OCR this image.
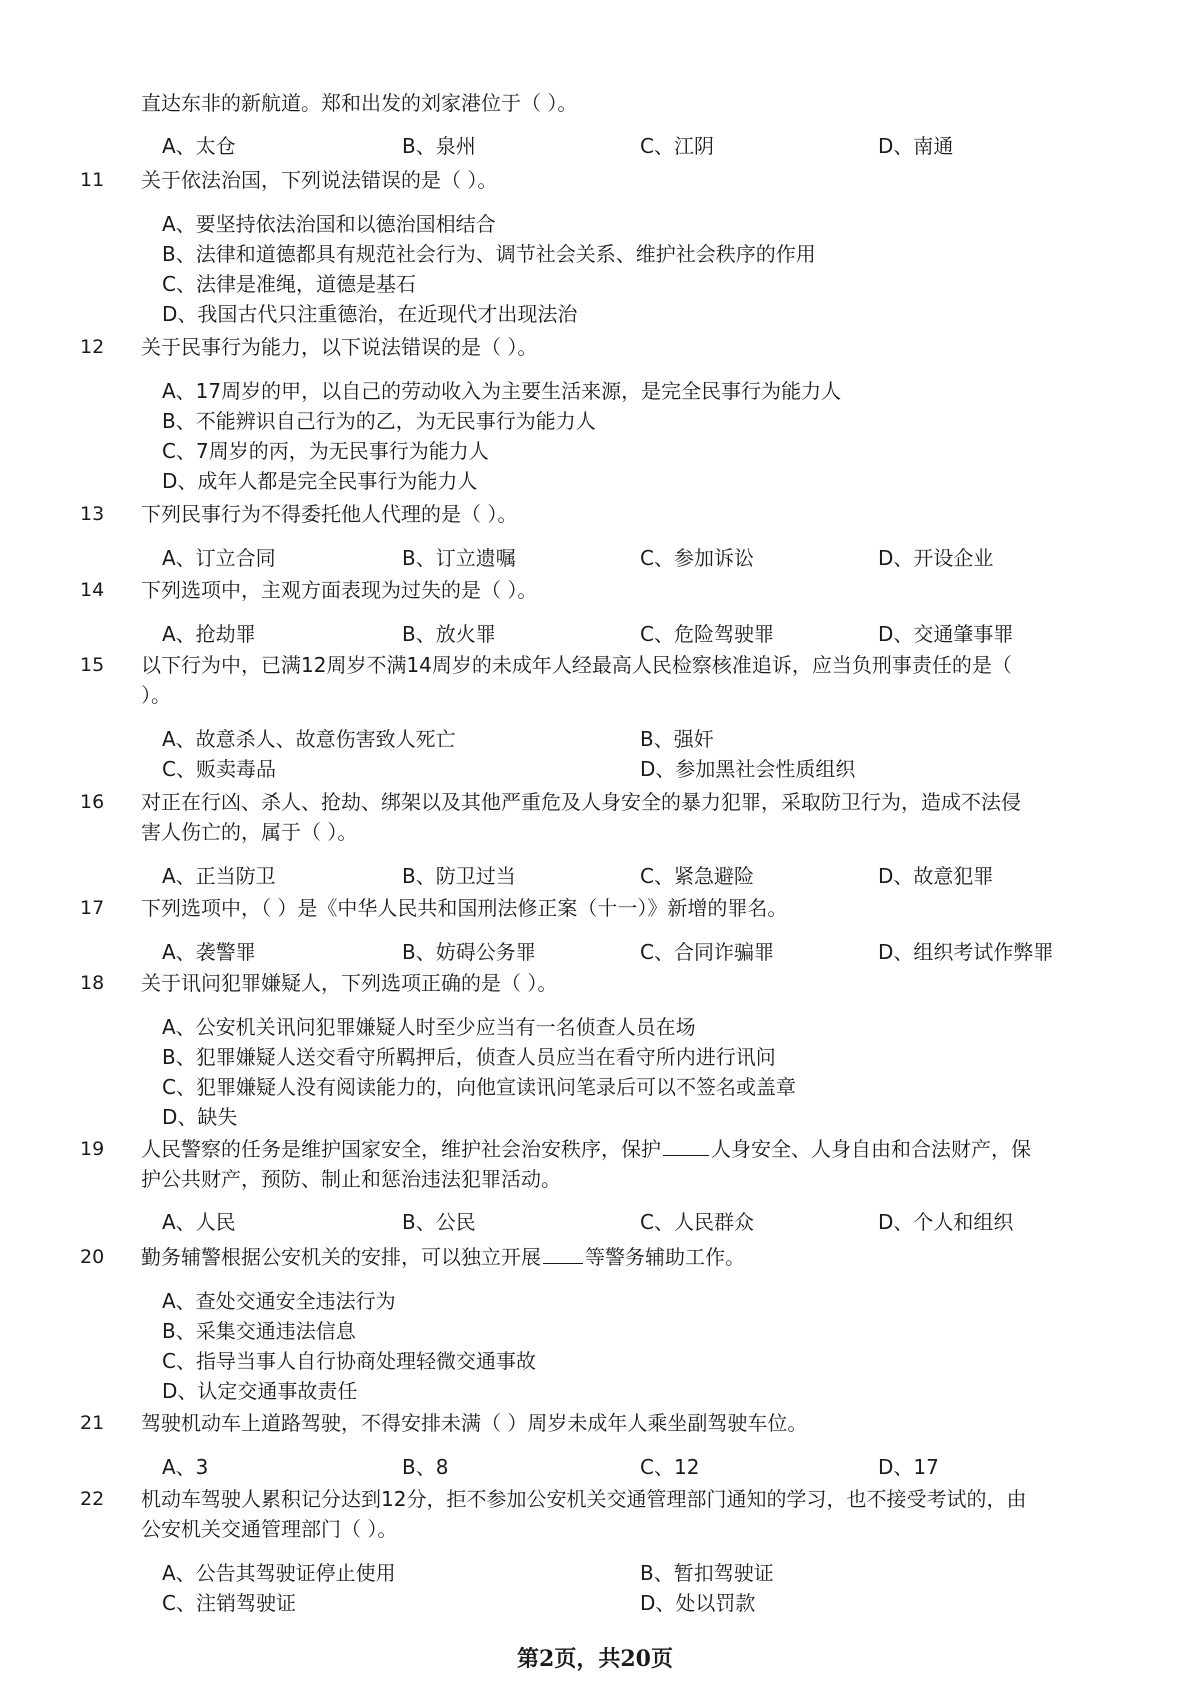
直达东非的新航道。郑和出发的刘家港位于（ ）。
A、太仓	B、泉州	C、江阴	D、南通
11	关于依法治国，下列说法错误的是（ ）。
A、要坚持依法治国和以德治国相结合
B、法律和道德都具有规范社会行为、调节社会关系、维护社会秩序的作用
C、法律是准绳，道德是基石
D、我国古代只注重德治，在近现代才出现法治
12	关于民事行为能力，以下说法错误的是（ ）。
A、17周岁的甲，以自己的劳动收入为主要生活来源，是完全民事行为能力人
B、不能辨识自己行为的乙，为无民事行为能力人
C、7周岁的丙，为无民事行为能力人
D、成年人都是完全民事行为能力人
13	下列民事行为不得委托他人代理的是（ ）。
A、订立合同	B、订立遗嘱	C、参加诉讼	D、开设企业
14	下列选项中，主观方面表现为过失的是（ ）。
A、抢劫罪	B、放火罪	C、危险驾驶罪	D、交通肇事罪
15	以下行为中，已满12周岁不满14周岁的未成年人经最高人民检察核准追诉，应当负刑事责任的是（
）。
A、故意杀人、故意伤害致人死亡	B、强奸
C、贩卖毒品	D、参加黑社会性质组织
16	对正在行凶、杀人、抢劫、绑架以及其他严重危及人身安全的暴力犯罪，采取防卫行为，造成不法侵
害人伤亡的，属于（ ）。
A、正当防卫	B、防卫过当	C、紧急避险	D、故意犯罪
17	下列选项中，（ ）是《中华人民共和国刑法修正案（十一）》新增的罪名。
A、袭警罪	B、妨碍公务罪	C、合同诈骗罪	D、组织考试作弊罪
18	关于讯问犯罪嫌疑人，下列选项正确的是（ ）。
A、公安机关讯问犯罪嫌疑人时至少应当有一名侦查人员在场
B、犯罪嫌疑人送交看守所羁押后，侦查人员应当在看守所内进行讯问
C、犯罪嫌疑人没有阅读能力的，向他宣读讯问笔录后可以不签名或盖章
D、缺失
19	人民警察的任务是维护国家安全，维护社会治安秩序，保护	人身安全、人身自由和合法财产，保
护公共财产，预防、制止和惩治违法犯罪活动。
A、人民	B、公民	C、人民群众	D、个人和组织
20	勤务辅警根据公安机关的安排，可以独立开展 等警务辅助工作。
A、查处交通安全违法行为
B、采集交通违法信息
C、指导当事人自行协商处理轻微交通事故
D、认定交通事故责任
21	驾驶机动车上道路驾驶，不得安排未满（ ）周岁未成年人乘坐副驾驶车位。
A、3	B、8	C、12	D、17
22	机动车驾驶人累积记分达到12分，拒不参加公安机关交通管理部门通知的学习，也不接受考试的，由
公安机关交通管理部门（ ）。
A、公告其驾驶证停止使用	B、暂扣驾驶证
C、注销驾驶证	D、处以罚款
第2页，共20页
